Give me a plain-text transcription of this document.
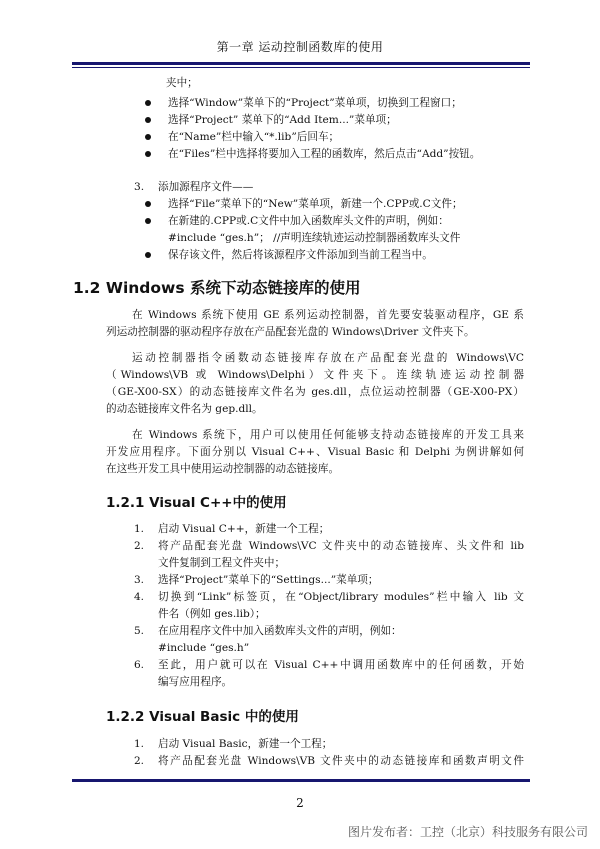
第一章 运动控制函数库的使用
夹中；
选择“Window”菜单下的“Project”菜单项，切换到工程窗口；
选择“Project” 菜单下的“Add Item...”菜单项；
在“Name”栏中输入“*.lib”后回车；
在“Files”栏中选择将要加入工程的函数库，然后点击“Add”按钮。
3. 添加源程序文件——
选择“File”菜单下的“New”菜单项，新建一个.CPP或.C文件；
在新建的.CPP或.C文件中加入函数库头文件的声明，例如：
#include “ges.h”； //声明连续轨迹运动控制器函数库头文件
保存该文件，然后将该源程序文件添加到当前工程当中。
1.2 Windows 系统下动态链接库的使用
在 Windows 系统下使用 GE 系列运动控制器，首先要安装驱动程序，GE 系
列运动控制器的驱动程序存放在产品配套光盘的 Windows\Driver 文件夹下。
运动控制器指令函数动态链接库存放在产品配套光盘的 Windows\VC
（Windows\VB 或 Windows\Delphi）文件夹下。连续轨迹运动控制器
（GE-X00-SX）的动态链接库文件名为 ges.dll，点位运动控制器（GE-X00-PX）
的动态链接库文件名为 gep.dll。
在 Windows 系统下，用户可以使用任何能够支持动态链接库的开发工具来
开发应用程序。下面分别以 Visual C++、Visual Basic 和 Delphi 为例讲解如何
在这些开发工具中使用运动控制器的动态链接库。
1.2.1 Visual C++中的使用
1. 启动 Visual C++，新建一个工程；
2. 将产品配套光盘 Windows\VC 文件夹中的动态链接库、头文件和 lib
文件复制到工程文件夹中；
3. 选择“Project”菜单下的“Settings...”菜单项；
4. 切换到“Link”标签页，在“Object/library modules”栏中输入 lib 文
件名（例如 ges.lib）；
5. 在应用程序文件中加入函数库头文件的声明，例如：
#include “ges.h”
6. 至此，用户就可以在 Visual C++中调用函数库中的任何函数，开始
编写应用程序。
1.2.2 Visual Basic 中的使用
1. 启动 Visual Basic，新建一个工程；
2. 将产品配套光盘 Windows\VB 文件夹中的动态链接库和函数声明文件
2
图片发布者：工控（北京）科技服务有限公司
